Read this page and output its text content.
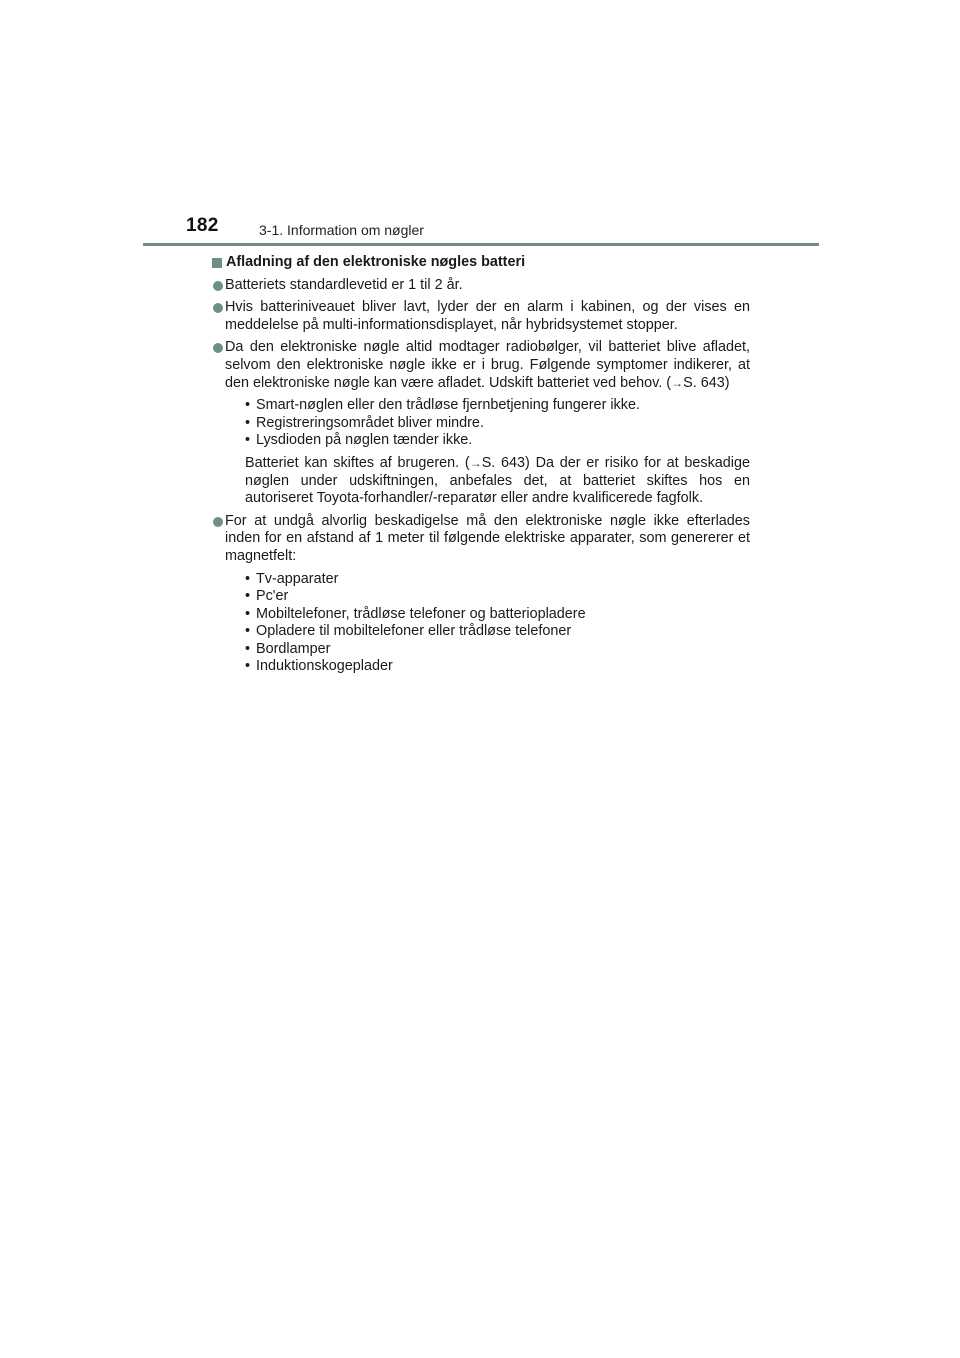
182	3-1. Information om nøgler
Afladning af den elektroniske nøgles batteri
Batteriets standardlevetid er 1 til 2 år.
Hvis batteriniveauet bliver lavt, lyder der en alarm i kabinen, og der vises en meddelelse på multi-informationsdisplayet, når hybridsystemet stopper.
Da den elektroniske nøgle altid modtager radiobølger, vil batteriet blive afladet, selvom den elektroniske nøgle ikke er i brug. Følgende symptomer indikerer, at den elektroniske nøgle kan være afladet. Udskift batteriet ved behov. (→S. 643)
• Smart-nøglen eller den trådløse fjernbetjening fungerer ikke.
• Registreringsområdet bliver mindre.
• Lysdioden på nøglen tænder ikke.
Batteriet kan skiftes af brugeren. (→S. 643) Da der er risiko for at beskadige nøglen under udskiftningen, anbefales det, at batteriet skiftes hos en autoriseret Toyota-forhandler/-reparatør eller andre kvalificerede fagfolk.
For at undgå alvorlig beskadigelse må den elektroniske nøgle ikke efterlades inden for en afstand af 1 meter til følgende elektriske apparater, som genererer et magnetfelt:
• Tv-apparater
• Pc'er
• Mobiltelefoner, trådløse telefoner og batteriopladere
• Opladere til mobiltelefoner eller trådløse telefoner
• Bordlamper
• Induktionskogeplader
